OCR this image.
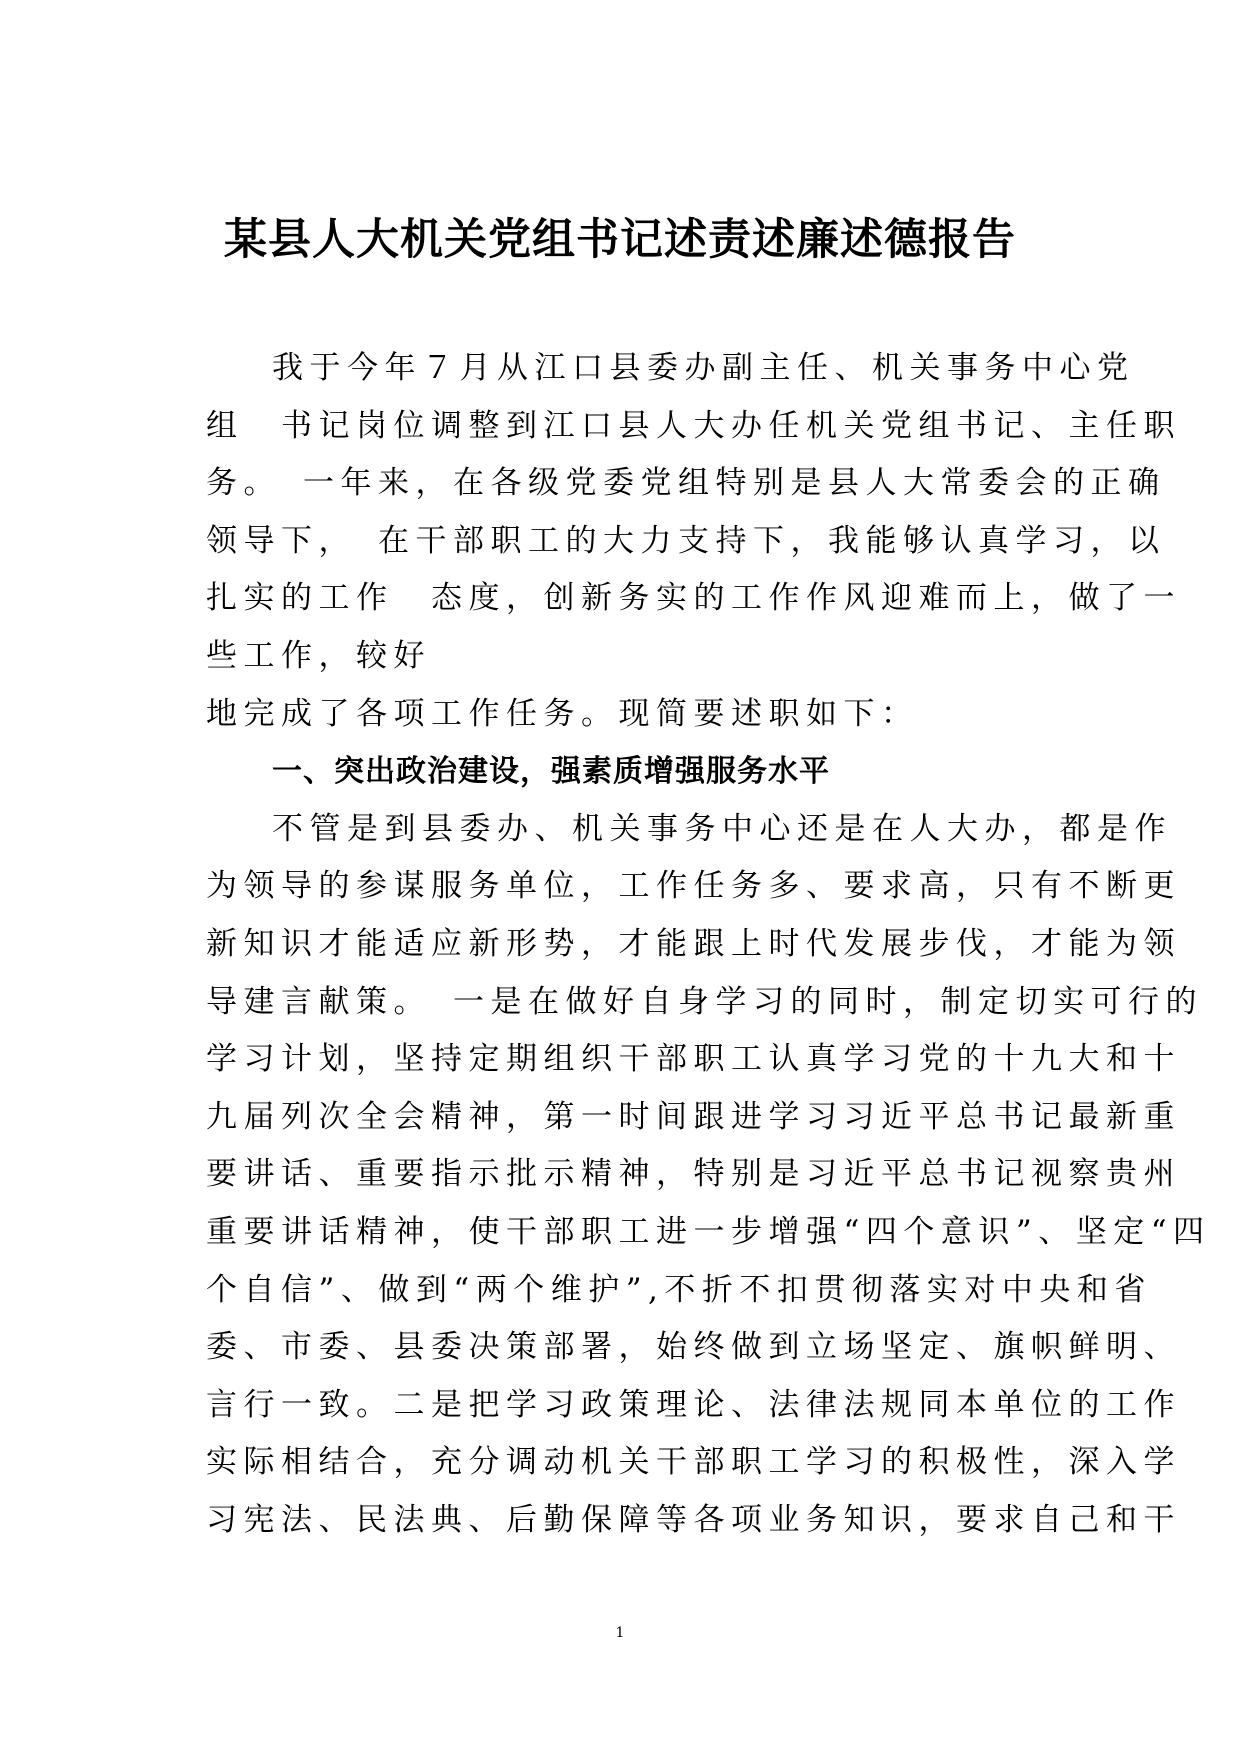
某县人大机关党组书记述责述廉述德报告
我于今年７月从江口县委办副主任、机关事务中心党
组　书记岗位调整到江口县人大办任机关党组书记、主任职
务。　一年来，在各级党委党组特别是县人大常委会的正确
领导下，　在干部职工的大力支持下，我能够认真学习，以
扎实的工作　态度，创新务实的工作作风迎难而上，做了一
些工作，较好
地完成了各项工作任务。现简要述职如下：
一、突出政治建设，强素质增强服务水平
不管是到县委办、机关事务中心还是在人大办，都是作
为领导的参谋服务单位，工作任务多、要求高，只有不断更
新知识才能适应新形势，才能跟上时代发展步伐，才能为领
导建言献策。　一是在做好自身学习的同时，制定切实可行的
学习计划，坚持定期组织干部职工认真学习党的十九大和十
九届列次全会精神，第一时间跟进学习习近平总书记最新重
要讲话、重要指示批示精神，特别是习近平总书记视察贵州
重要讲话精神，使干部职工进一步增强“四个意识”、坚定“四
个自信”、做到“两个维护”,不折不扣贯彻落实对中央和省
委、市委、县委决策部署，始终做到立场坚定、旗帜鲜明、
言行一致。二是把学习政策理论、法律法规同本单位的工作
实际相结合，充分调动机关干部职工学习的积极性，深入学
习宪法、民法典、后勤保障等各项业务知识，要求自己和干
1
